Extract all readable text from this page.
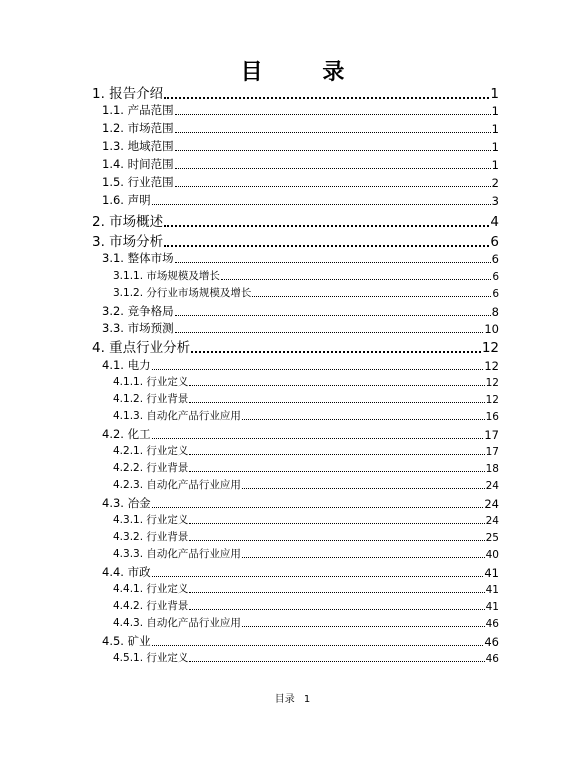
目 录
1. 报告介绍	1
1.1. 产品范围	1
1.2. 市场范围	1
1.3. 地域范围	1
1.4. 时间范围	1
1.5. 行业范围	2
1.6. 声明	3
2. 市场概述	4
3. 市场分析	6
3.1. 整体市场	6
3.1.1. 市场规模及增长	6
3.1.2. 分行业市场规模及增长	6
3.2. 竞争格局	8
3.3. 市场预测	10
4. 重点行业分析	12
4.1. 电力	12
4.1.1. 行业定义	12
4.1.2. 行业背景	12
4.1.3. 自动化产品行业应用	16
4.2. 化工	17
4.2.1. 行业定义	17
4.2.2. 行业背景	18
4.2.3. 自动化产品行业应用	24
4.3. 冶金	24
4.3.1. 行业定义	24
4.3.2. 行业背景	25
4.3.3. 自动化产品行业应用	40
4.4. 市政	41
4.4.1. 行业定义	41
4.4.2. 行业背景	41
4.4.3. 自动化产品行业应用	46
4.5. 矿业	46
4.5.1. 行业定义	46
目录 1
